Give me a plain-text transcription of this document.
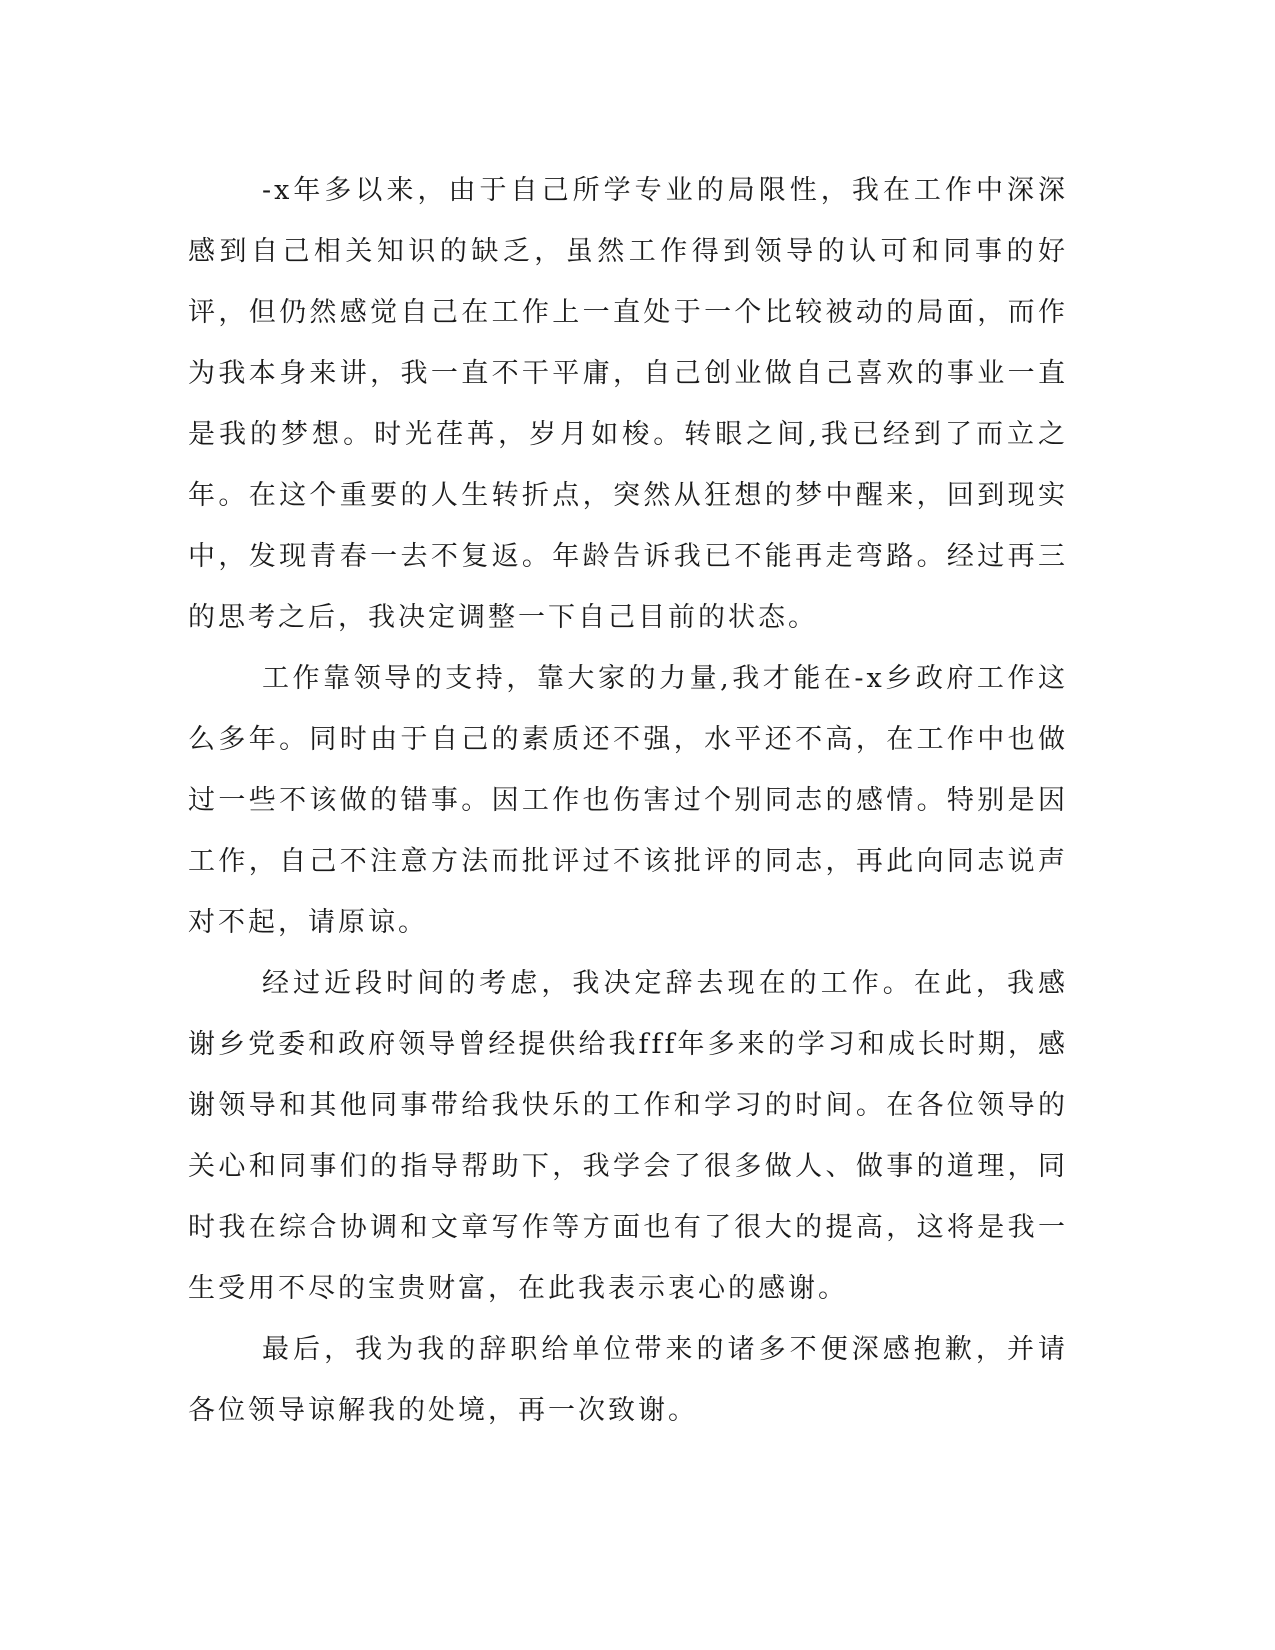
-x年多以来，由于自己所学专业的局限性，我在工作中深深感到自己相关知识的缺乏，虽然工作得到领导的认可和同事的好评，但仍然感觉自己在工作上一直处于一个比较被动的局面，而作为我本身来讲，我一直不干平庸，自己创业做自己喜欢的事业一直是我的梦想。时光荏苒，岁月如梭。转眼之间,我已经到了而立之年。在这个重要的人生转折点，突然从狂想的梦中醒来，回到现实中，发现青春一去不复返。年龄告诉我已不能再走弯路。经过再三的思考之后，我决定调整一下自己目前的状态。

工作靠领导的支持，靠大家的力量,我才能在-x乡政府工作这么多年。同时由于自己的素质还不强，水平还不高，在工作中也做过一些不该做的错事。因工作也伤害过个别同志的感情。特别是因工作，自己不注意方法而批评过不该批评的同志，再此向同志说声对不起，请原谅。

经过近段时间的考虑，我决定辞去现在的工作。在此，我感谢乡党委和政府领导曾经提供给我fff年多来的学习和成长时期，感谢领导和其他同事带给我快乐的工作和学习的时间。在各位领导的关心和同事们的指导帮助下，我学会了很多做人、做事的道理，同时我在综合协调和文章写作等方面也有了很大的提高，这将是我一生受用不尽的宝贵财富，在此我表示衷心的感谢。

最后，我为我的辞职给单位带来的诸多不便深感抱歉，并请各位领导谅解我的处境，再一次致谢。
